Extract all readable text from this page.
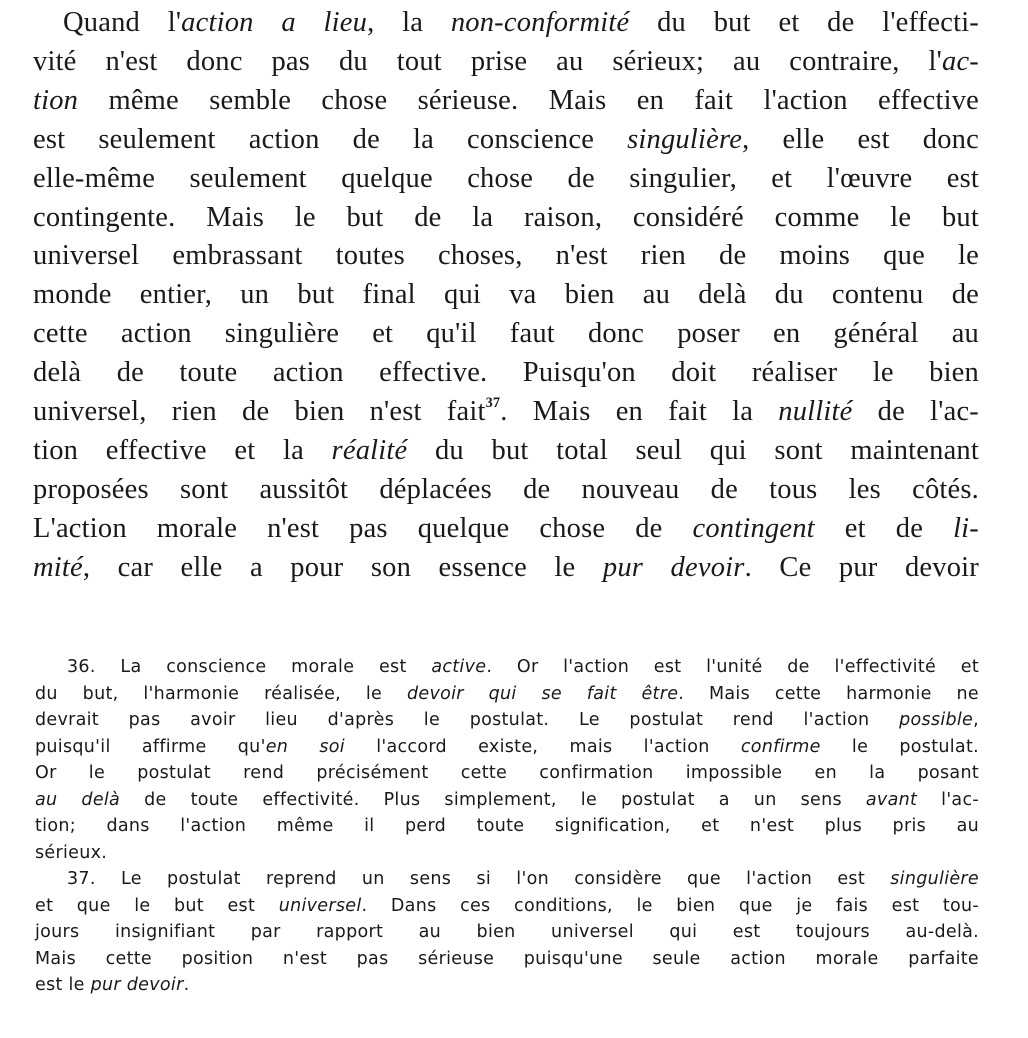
Quand l'action a lieu, la non-conformité du but et de l'effecti-
vité n'est donc pas du tout prise au sérieux; au contraire, l'ac-
tion même semble chose sérieuse. Mais en fait l'action effective
est seulement action de la conscience singulière, elle est donc
elle-même seulement quelque chose de singulier, et l'œuvre est
contingente. Mais le but de la raison, considéré comme le but
universel embrassant toutes choses, n'est rien de moins que le
monde entier, un but final qui va bien au delà du contenu de
cette action singulière et qu'il faut donc poser en général au
delà de toute action effective. Puisqu'on doit réaliser le bien
universel, rien de bien n'est fait$^{37}$. Mais en fait la nullité de l'ac-
tion effective et la réalité du but total seul qui sont maintenant
proposées sont aussitôt déplacées de nouveau de tous les côtés.
L'action morale n'est pas quelque chose de contingent et de li-
mité, car elle a pour son essence le pur devoir. Ce pur devoir
36. La conscience morale est active. Or l'action est l'unité de l'effectivité et
du but, l'harmonie réalisée, le devoir qui se fait être. Mais cette harmonie ne
devrait pas avoir lieu d'après le postulat. Le postulat rend l'action possible,
puisqu'il affirme qu'en soi l'accord existe, mais l'action confirme le postulat.
Or le postulat rend précisément cette confirmation impossible en la posant
au delà de toute effectivité. Plus simplement, le postulat a un sens avant l'ac-
tion; dans l'action même il perd toute signification, et n'est plus pris au
sérieux.
37. Le postulat reprend un sens si l'on considère que l'action est singulière
et que le but est universel. Dans ces conditions, le bien que je fais est tou-
jours insignifiant par rapport au bien universel qui est toujours au-delà.
Mais cette position n'est pas sérieuse puisqu'une seule action morale parfaite
est le pur devoir.
